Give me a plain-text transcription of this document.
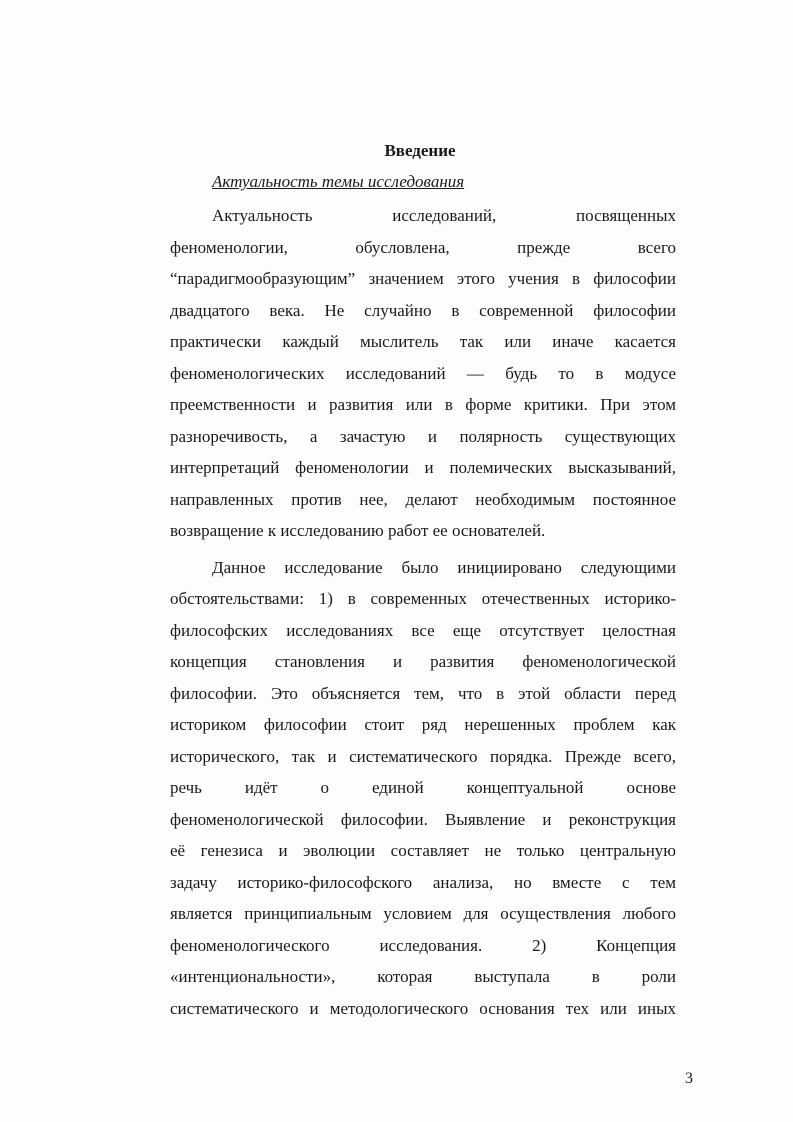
Введение
Актуальность темы исследования

Актуальность исследований, посвященных
феноменологии, обусловлена, прежде всего
“парадигмообразующим” значением этого учения в философии
двадцатого века. Не случайно в современной философии
практически каждый мыслитель так или иначе касается
феноменологических исследований — будь то в модусе
преемственности и развития или в форме критики. При этом
разноречивость, а зачастую и полярность существующих
интерпретаций феноменологии и полемических высказываний,
направленных против нее, делают необходимым постоянное
возвращение к исследованию работ ее основателей.

Данное исследование было инициировано следующими
обстоятельствами: 1) в современных отечественных историко-
философских исследованиях все еще отсутствует целостная
концепция становления и развития феноменологической
философии. Это объясняется тем, что в этой области перед
историком философии стоит ряд нерешенных проблем как
исторического, так и систематического порядка. Прежде всего,
речь идёт о единой концептуальной основе
феноменологической философии. Выявление и реконструкция
её генезиса и эволюции составляет не только центральную
задачу историко-философского анализа, но вместе с тем
является принципиальным условием для осуществления любого
феноменологического исследования. 2) Концепция
«интенциональности», которая выступала в роли
систематического и методологического основания тех или иных

3
